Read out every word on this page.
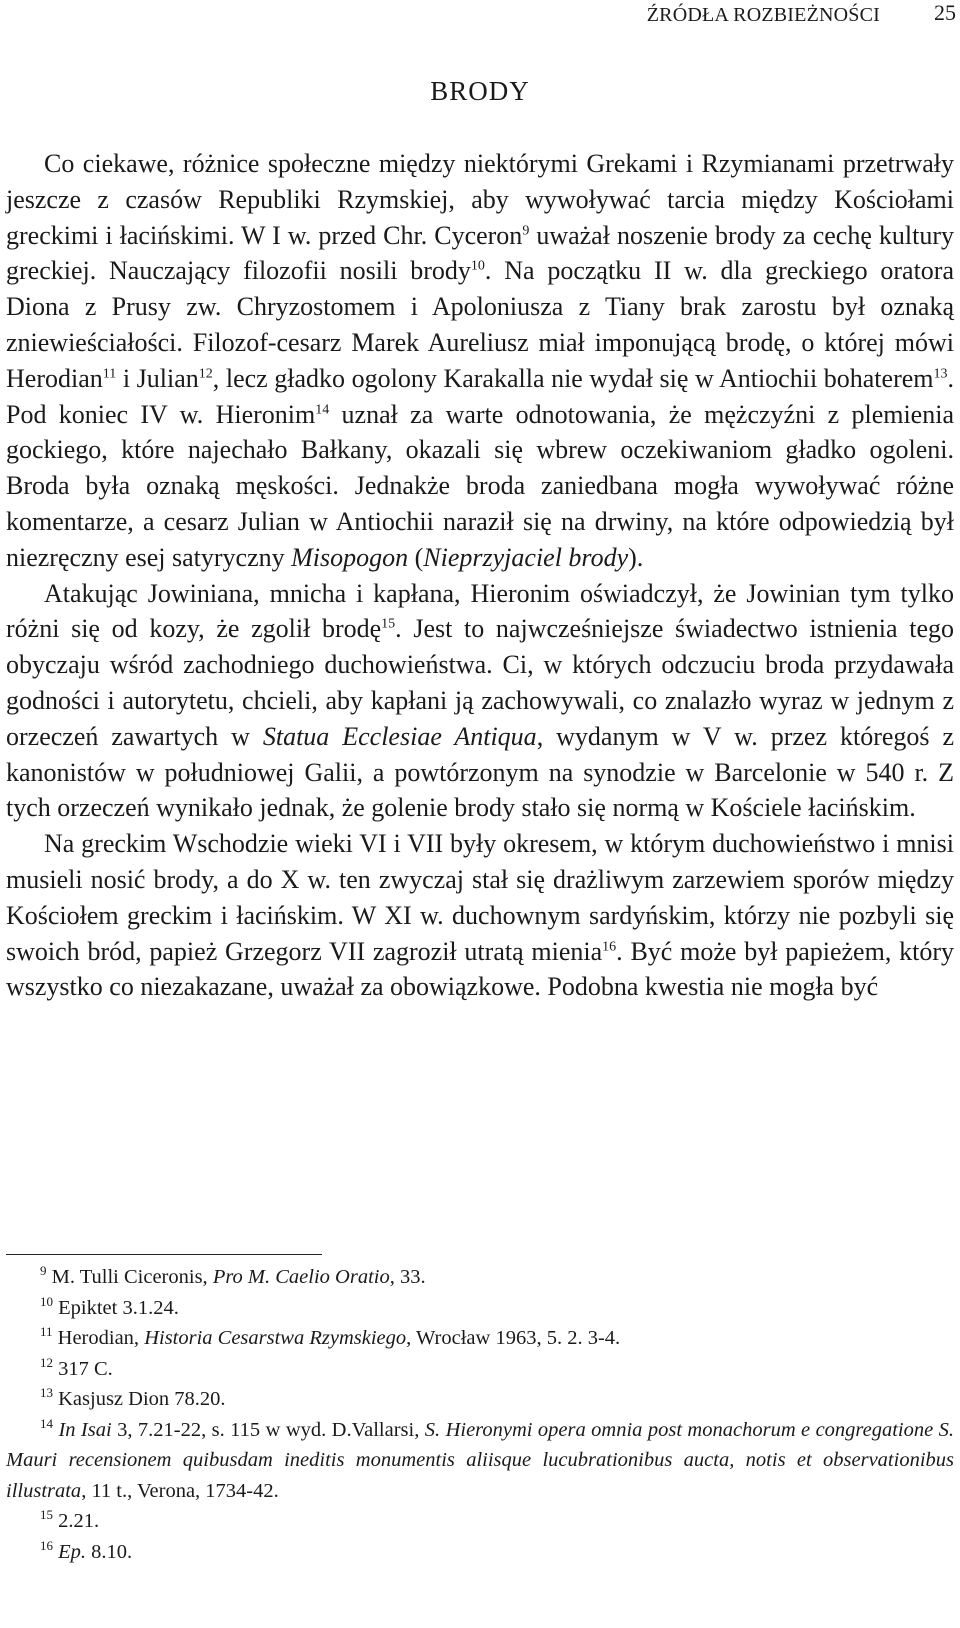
ŹRÓDŁA ROZBIEŻNOŚCI 25
BRODY

Co ciekawe, różnice społeczne między niektórymi Grekami i Rzymianami przetrwały jeszcze z czasów Republiki Rzymskiej, aby wywoływać tarcia między Kościołami greckimi i łacińskimi. W I w. przed Chr. Cyceron$^9$ uważał noszenie brody za cechę kultury greckiej. Nauczający filozofii nosili brody$^{10}$. Na początku II w. dla greckiego oratora Diona z Prusy zw. Chryzostomem i Apoloniusza z Tiany brak zarostu był oznaką zniewieściałości. Filozof-cesarz Marek Aureliusz miał imponującą brodę, o której mówi Herodian$^{11}$ i Julian$^{12}$, lecz gładko ogolony Karakalla nie wydał się w Antiochii bohaterem$^{13}$. Pod koniec IV w. Hieronim$^{14}$ uznał za warte odnotowania, że mężczyźni z plemienia gockiego, które najechało Bałkany, okazali się wbrew oczekiwaniom gładko ogoleni. Broda była oznaką męskości. Jednakże broda zaniedbana mogła wywoływać różne komentarze, a cesarz Julian w Antiochii naraził się na drwiny, na które odpowiedzią był niezręczny esej satyryczny Misopogon (Nieprzyjaciel brody).

Atakując Jowiniana, mnicha i kapłana, Hieronim oświadczył, że Jowinian tym tylko różni się od kozy, że zgolił brodę$^{15}$. Jest to najwcześniejsze świadectwo istnienia tego obyczaju wśród zachodniego duchowieństwa. Ci, w których odczuciu broda przydawała godności i autorytetu, chcieli, aby kapłani ją zachowywali, co znalazło wyraz w jednym z orzeczeń zawartych w Statua Ecclesiae Antiqua, wydanym w V w. przez któregoś z kanonistów w południowej Galii, a powtórzonym na synodzie w Barcelonie w 540 r. Z tych orzeczeń wynikało jednak, że golenie brody stało się normą w Kościele łacińskim.

Na greckim Wschodzie wieki VI i VII były okresem, w którym duchowieństwo i mnisi musieli nosić brody, a do X w. ten zwyczaj stał się drażliwym zarzewiem sporów między Kościołem greckim i łacińskim. W XI w. duchownym sardyńskim, którzy nie pozbyli się swoich bród, papież Grzegorz VII zagroził utratą mienia$^{16}$. Być może był papieżem, który wszystko co niezakazane, uważał za obowiązkowe. Podobna kwestia nie mogła być

$^9$ M. Tulli Ciceronis, Pro M. Caelio Oratio, 33.

$^{10}$ Epiktet 3.1.24.

$^{11}$ Herodian, Historia Cesarstwa Rzymskiego, Wrocław 1963, 5. 2. 3-4.

$^{12}$ 317 C.

$^{13}$ Kasjusz Dion 78.20.

$^{14}$ In Isai 3, 7.21-22, s. 115 w wyd. D.Vallarsi, S. Hieronymi opera omnia post monachorum e congregatione S. Mauri recensionem quibusdam ineditis monumentis aliisque lucubrationibus aucta, notis et observationibus illustrata, 11 t., Verona, 1734-42.

$^{15}$ 2.21.

$^{16}$ Ep. 8.10.
